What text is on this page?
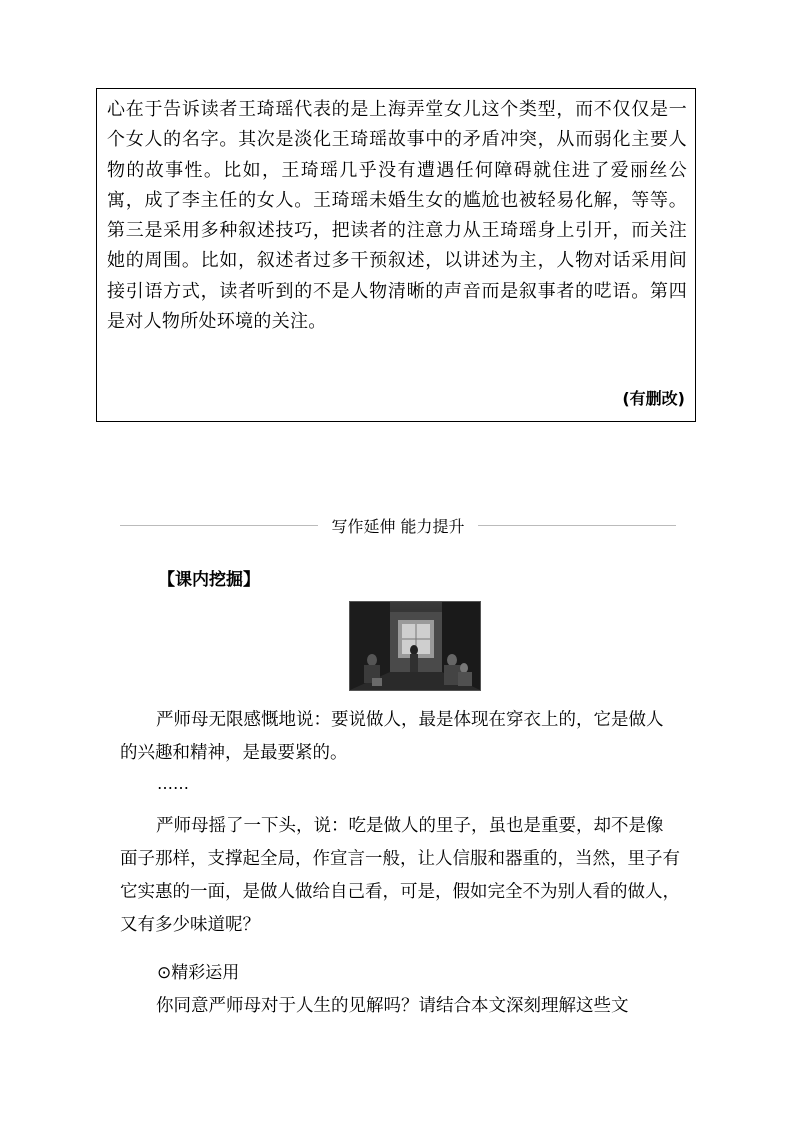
心在于告诉读者王琦瑶代表的是上海弄堂女儿这个类型，而不仅仅是一个女人的名字。其次是淡化王琦瑶故事中的矛盾冲突，从而弱化主要人物的故事性。比如，王琦瑶几乎没有遭遇任何障碍就住进了爱丽丝公寓，成了李主任的女人。王琦瑶未婚生女的尴尬也被轻易化解，等等。第三是采用多种叙述技巧，把读者的注意力从王琦瑶身上引开，而关注她的周围。比如，叙述者过多干预叙述，以讲述为主，人物对话采用间接引语方式，读者听到的不是人物清晰的声音而是叙事者的呓语。第四是对人物所处环境的关注。

(有删改)
写作延伸 能力提升
【课内挖掘】

严师母无限感慨地说：要说做人，最是体现在穿衣上的，它是做人的兴趣和精神，是最要紧的。

……

严师母摇了一下头，说：吃是做人的里子，虽也是重要，却不是像面子那样，支撑起全局，作宣言一般，让人信服和器重的，当然，里子有它实惠的一面，是做人做给自己看，可是，假如完全不为别人看的做人，又有多少味道呢？

⊙精彩运用

你同意严师母对于人生的见解吗？请结合本文深刻理解这些文
